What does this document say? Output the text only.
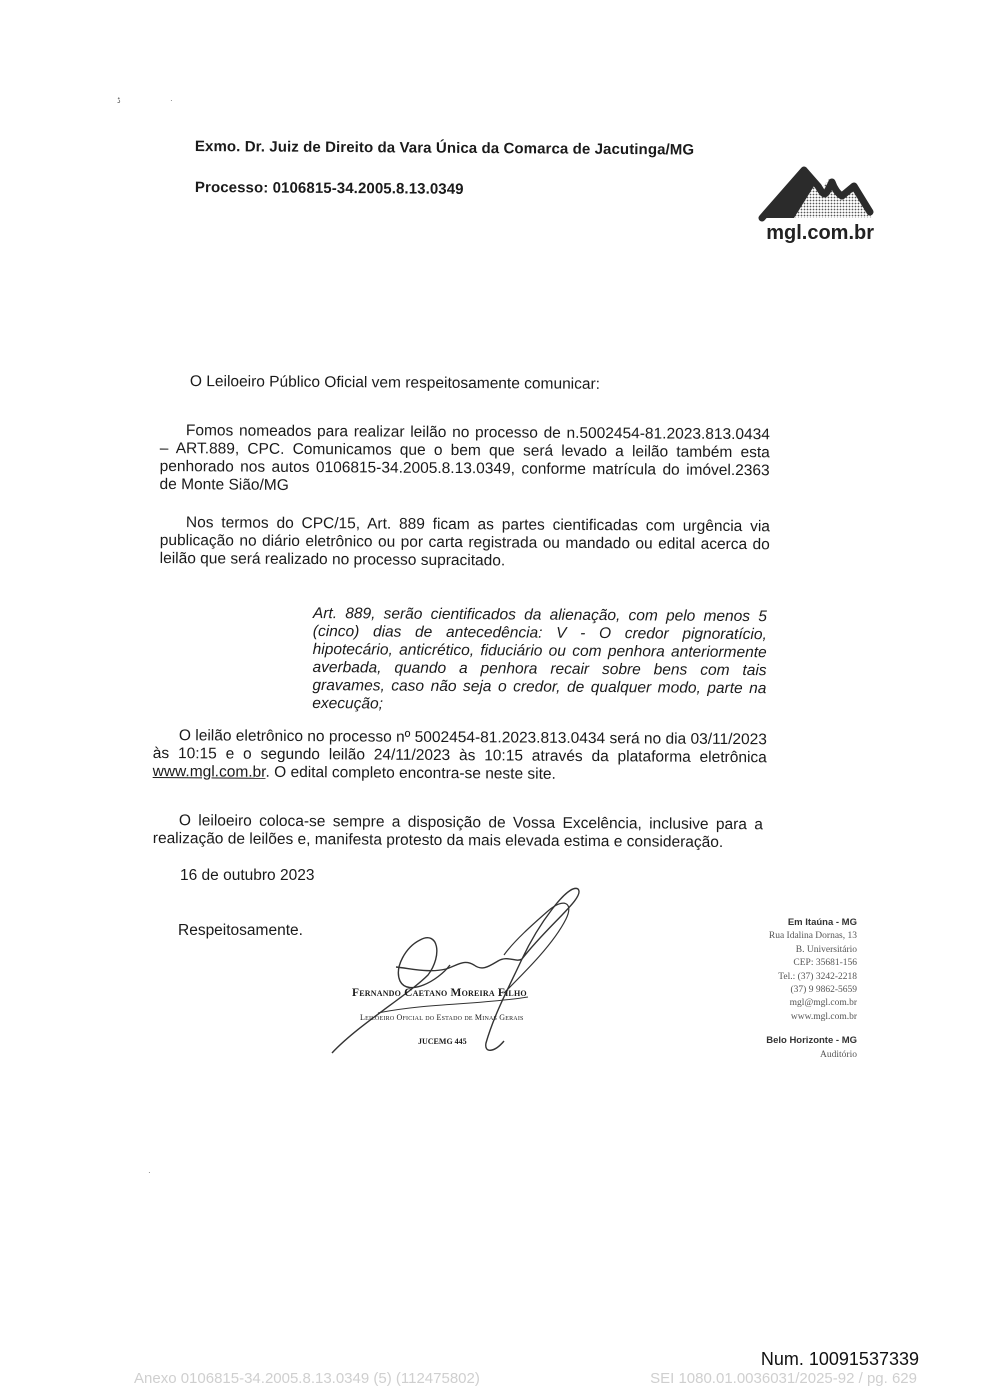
ڈ	·
Exmo. Dr. Juiz de Direito da Vara Única da Comarca de Jacutinga/MG
Processo: 0106815-34.2005.8.13.0349
mgl.com.br
O Leiloeiro Público Oficial vem respeitosamente comunicar:
Fomos nomeados para realizar leilão no processo de n.5002454-81.2023.813.0434 – ART.889, CPC. Comunicamos que o bem que será levado a leilão também esta penhorado nos autos 0106815-34.2005.8.13.0349, conforme matrícula do imóvel.2363 de Monte Sião/MG
Nos termos do CPC/15, Art. 889 ficam as partes cientificadas com urgência via publicação no diário eletrônico ou por carta registrada ou mandado ou edital acerca do leilão que será realizado no processo supracitado.
Art. 889, serão cientificados da alienação, com pelo menos 5 (cinco) dias de antecedência: V - O credor pignoratício, hipotecário, anticrético, fiduciário ou com penhora anteriormente averbada, quando a penhora recair sobre bens com tais gravames, caso não seja o credor, de qualquer modo, parte na execução;
O leilão eletrônico no processo nº 5002454-81.2023.813.0434 será no dia 03/11/2023 às 10:15 e o segundo leilão 24/11/2023 às 10:15 através da plataforma eletrônica www.mgl.com.br. O edital completo encontra-se neste site.
O leiloeiro coloca-se sempre a disposição de Vossa Excelência, inclusive para a realização de leilões e, manifesta protesto da mais elevada estima e consideração.
16 de outubro 2023
Respeitosamente.
Fernando Caetano Moreira Filho
Leiloeiro Oficial do Estado de Minas Gerais
JUCEMG 445
Em Itaúna - MG
Rua Idalina Dornas, 13
B. Universitário
CEP: 35681-156
Tel.: (37) 3242-2218
(37) 9 9862-5659
mgl@mgl.com.br
www.mgl.com.br
Belo Horizonte - MG
Auditório
·
Num. 10091537339
Anexo 0106815-34.2005.8.13.0349 (5) (112475802)	SEI 1080.01.0036031/2025-92 / pg. 629
